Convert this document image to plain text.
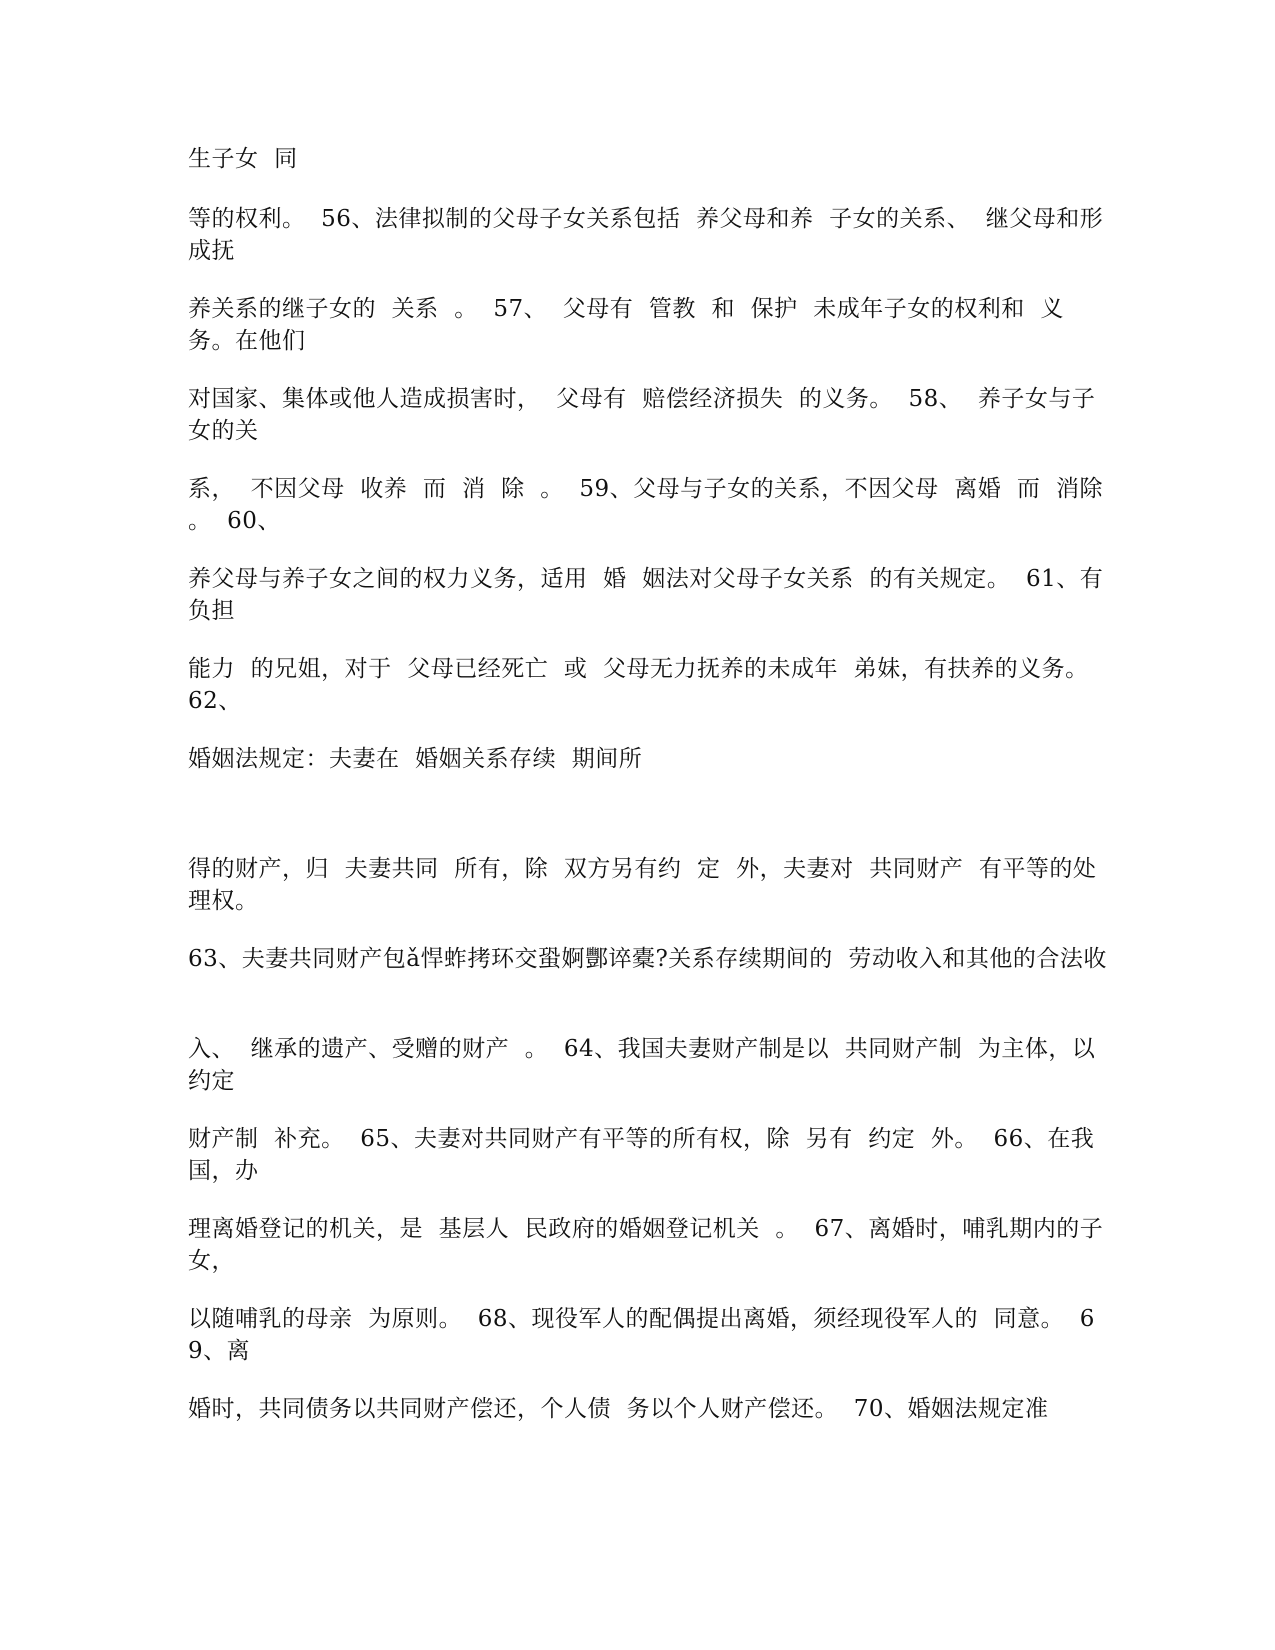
生子女  同

等的权利。  56、法律拟制的父母子女关系包括  养父母和养  子女的关系、  继父母和形成抚

养关系的继子女的  关系  。  57、  父母有  管教  和  保护  未成年子女的权利和  义务。在他们

对国家、集体或他人造成损害时，  父母有  赔偿经济损失  的义务。  58、  养子女与子女的关

系，  不因父母  收养  而  消  除  。  59、父母与子女的关系，不因父母  离婚  而  消除  。  60、

养父母与养子女之间的权力义务，适用  婚  姻法对父母子女关系  的有关规定。  61、有负担

能力  的兄姐，对于  父母已经死亡  或  父母无力抚养的未成年  弟妹，有扶养的义务。  62、

婚姻法规定：夫妻在  婚姻关系存续  期间所

得的财产，归  夫妻共同  所有，除  双方另有约  定  外，夫妻对  共同财产  有平等的处理权。

63、夫妻共同财产包ǎ悍蚱拷环交蛩婀酆谇橐?关系存续期间的  劳动收入和其他的合法收

入、  继承的遗产、受赠的财产  。  64、我国夫妻财产制是以  共同财产制  为主体，以  约定

财产制  补充。  65、夫妻对共同财产有平等的所有权，除  另有  约定  外。  66、在我国，办

理离婚登记的机关，是  基层人  民政府的婚姻登记机关  。  67、离婚时，哺乳期内的子女，

以随哺乳的母亲  为原则。  68、现役军人的配偶提出离婚，须经现役军人的  同意。  69、离

婚时，共同债务以共同财产偿还，个人债  务以个人财产偿还。  70、婚姻法规定准
